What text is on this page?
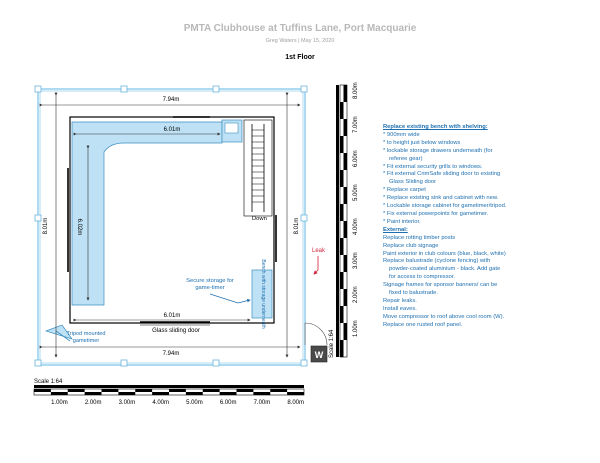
PMTA Clubhouse at Tuffins Lane, Port Macquarie
Greg Waters | May 15, 2020
1st Floor
7.94m
7.94m
8.01m	8.01m
6.01m
6.01m
6.02m	Down
Leak
Glass sliding door
Secure storage for game-timer	Bench with storage underneath
Tripod mounted gametimer
W
Scale 1:64
Scale 1:64
1.00m	2.00m	3.00m	4.00m	5.00m	6.00m	7.00m	8.00m
1.00m
2.00m
3.00m
4.00m
5.00m
6.00m
7.00m
8.00m
Replace existing bench with shelving:
* 900mm wide
* to height just below windows
* lockable storage drawers underneath (for
referee gear)
* Fit external security grills to windows.
* Fit external CrimSafe sliding door to existing
Glass Sliding door
* Replace carpet
* Replace existing sink and cabinet with new.
* Lockable storage cabinet for gametimer/tripod.
* Fix external powerpoints for gametimer.
* Paint interior.
External:
Replace rotting timber posts
Replace club signage
Paint exterior in club colours (blue, black, white)
Replace balustrade (cyclone fencing) with
powder-coated aluminium - black. Add gate
for access to compressor.
Signage frames for sponsor banners/ can be
fixed to balustrade.
Repair leaks.
Install eaves.
Move compressor to roof above cool room (W).
Replace one rusted roof panel.
